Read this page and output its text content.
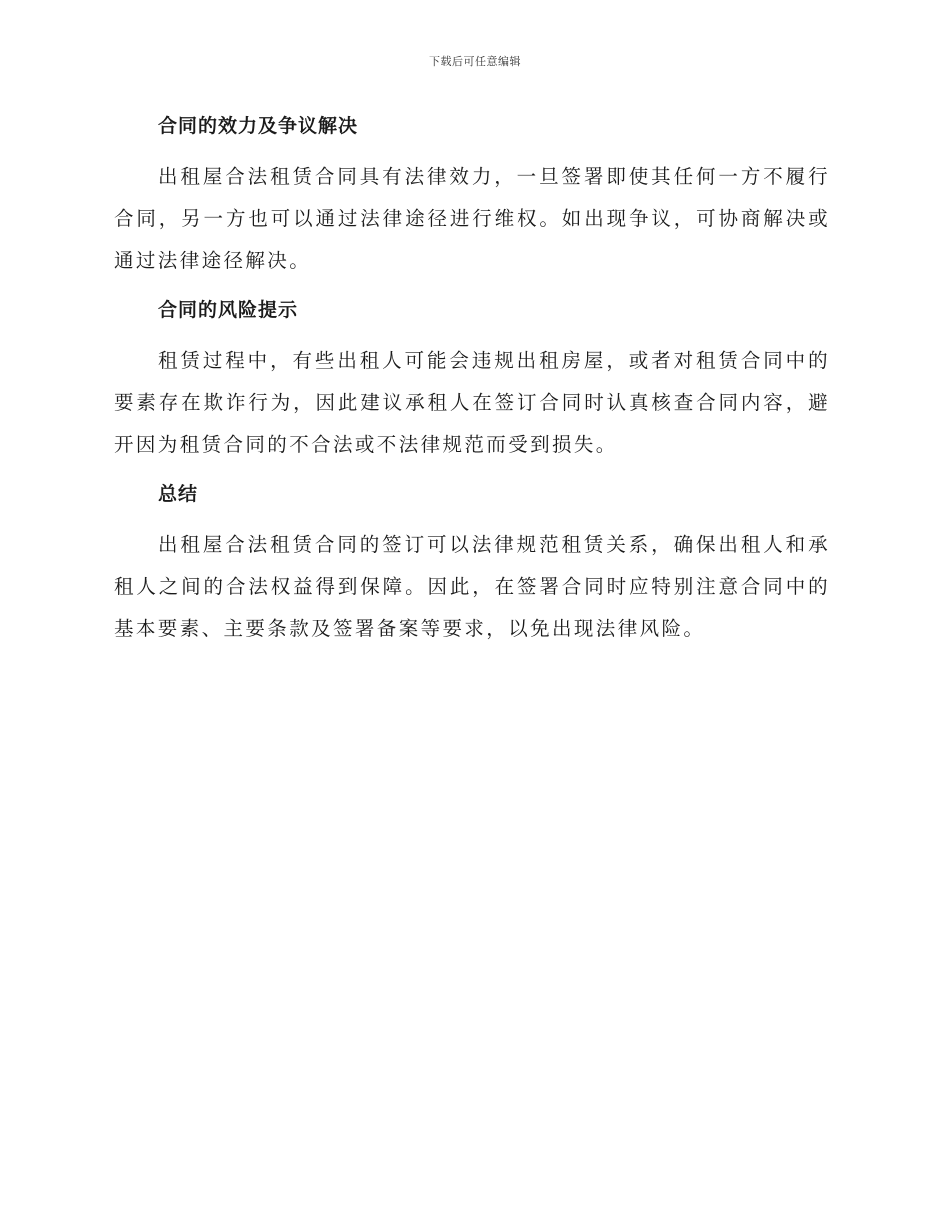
下载后可任意编辑
合同的效力及争议解决

出租屋合法租赁合同具有法律效力，一旦签署即使其任何一方不履行合同，另一方也可以通过法律途径进行维权。如出现争议，可协商解决或通过法律途径解决。

合同的风险提示

租赁过程中，有些出租人可能会违规出租房屋，或者对租赁合同中的要素存在欺诈行为，因此建议承租人在签订合同时认真核查合同内容，避开因为租赁合同的不合法或不法律规范而受到损失。

总结

出租屋合法租赁合同的签订可以法律规范租赁关系，确保出租人和承租人之间的合法权益得到保障。因此，在签署合同时应特别注意合同中的基本要素、主要条款及签署备案等要求，以免出现法律风险。
